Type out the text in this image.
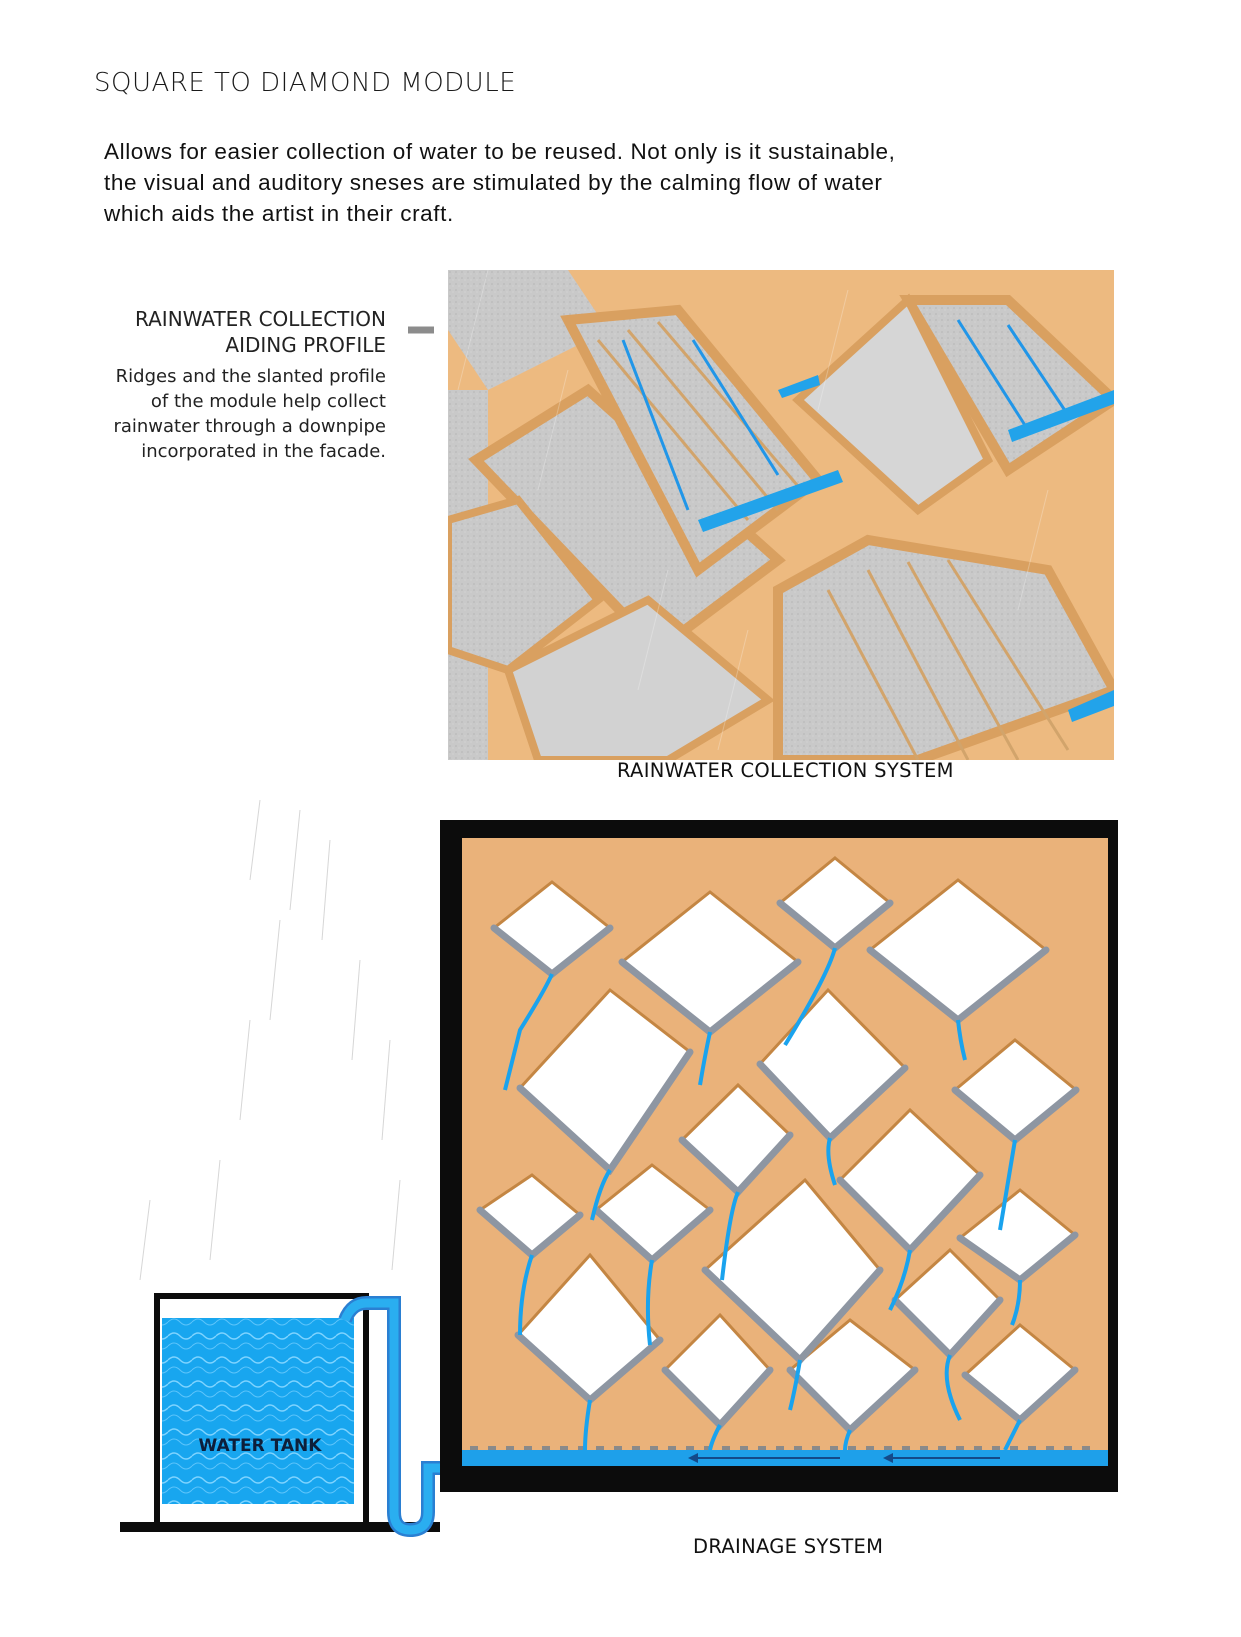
SQUARE TO DIAMOND MODULE
Allows for easier collection of water to be reused. Not only is it sustainable,
the visual and auditory sneses are stimulated by the calming flow of water
which aids the artist in their craft.
RAINWATER COLLECTION
AIDING PROFILE
Ridges and the slanted profile
of the module help collect
rainwater through a downpipe
incorporated in the facade.
RAINWATER COLLECTION SYSTEM
WATER TANK
DRAINAGE SYSTEM
